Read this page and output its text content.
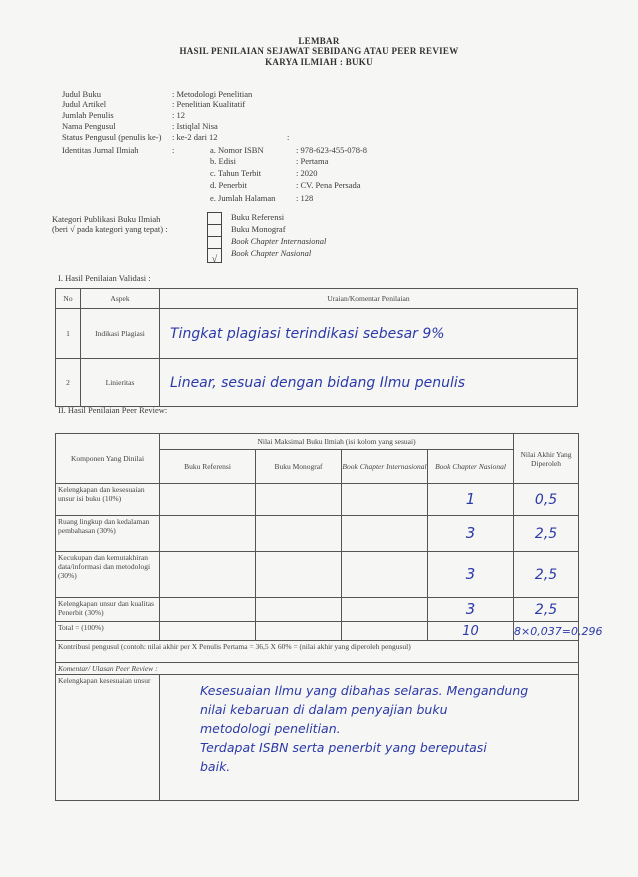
LEMBAR
HASIL PENILAIAN SEJAWAT SEBIDANG ATAU PEER REVIEW
KARYA ILMIAH : BUKU
Judul Buku	: Metodologi Penelitian
Judul Artikel	: Penelitian Kualitatif
Jumlah Penulis	: 12
Nama Pengusul	: Istiqlal Nisa
Status Pengusul (penulis ke-) : ke-2 dari 12	:
Identitas Jurnal Ilmiah	:	a. Nomor ISBN	: 978-623-455-078-8
b. Edisi	: Pertama
c. Tahun Terbit	: 2020
d. Penerbit	: CV. Pena Persada
e. Jumlah Halaman : 128
Kategori Publikasi Buku Ilmiah
(beri √ pada kategori yang tepat) :
Buku Referensi
Buku Monograf
Book Chapter Internasional
√
Book Chapter Nasional
I. Hasil Penilaian Validasi :
No	Aspek	Uraian/Komentar Penilaian
1	Indikasi Plagiasi	Tingkat plagiasi terindikasi sebesar 9%
2	Linieritas	Linear, sesuai dengan bidang Ilmu penulis
II. Hasil Penilaian Peer Review:
Komponen Yang Dinilai	Nilai Maksimal Buku Ilmiah (isi kolom yang sesuai)				Nilai Akhir Yang Diperoleh
	Buku Referensi	Buku Monograf	Book Chapter Internasional	Book Chapter Nasional	
Kelengkapan dan kesesuaian unsur isi buku (10%)				1	0,5
Ruang lingkup dan kedalaman pembahasan (30%)				3	2,5
Kecukupan dan kemutakhiran data/informasi dan metodologi (30%)				3	2,5
Kelengkapan unsur dan kualitas Penerbit (30%)				3	2,5
Total = (100%)				10	8×0,037=0,296
Kontribusi pengusul (contoh: nilai akhir per X Penulis Pertama = 36,5 X 60% = (nilai akhir yang diperoleh pengusul)					
Komentar/ Ulasan Peer Review :					
Kelengkapan kesesuaian unsur	Kesesuaian Ilmu yang dibahas selaras. Mengandung
nilai kebaruan di dalam penyajian buku
metodologi penelitian.
Terdapat ISBN serta penerbit yang bereputasi
baik.				
